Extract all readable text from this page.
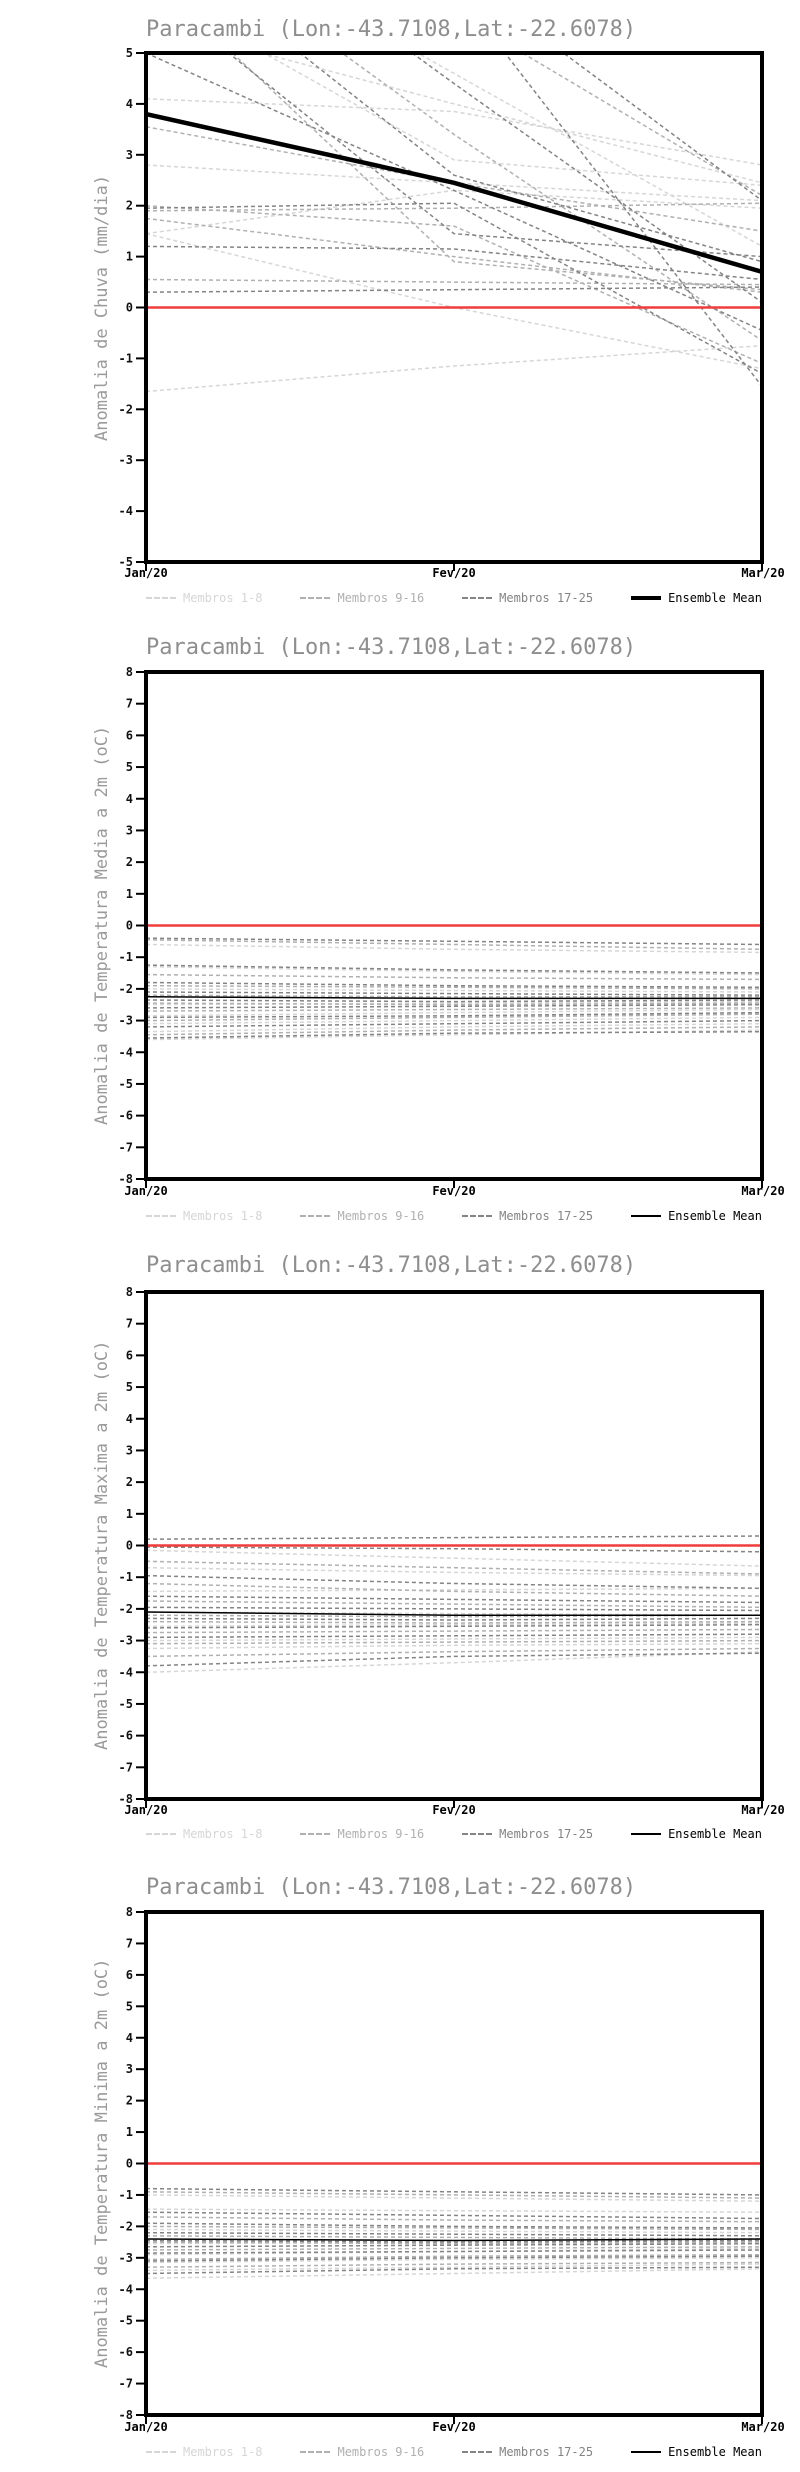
-5
-4
-3
-2
-1
0
1
2
3
4
5
Paracambi (Lon:-43.7108,Lat:-22.6078)
Anomalia de Chuva (mm/dia)
Jan/20	Fev/20	Mar/20
Membros 1-8	Membros 9-16	Membros 17-25	Ensemble Mean
-8
-7
-6
-5
-4
-3
-2
-1
0
1
2
3
4
5
6
7
8
Paracambi (Lon:-43.7108,Lat:-22.6078)
Anomalia de Temperatura Media a 2m (oC)
Jan/20	Fev/20	Mar/20
Membros 1-8	Membros 9-16	Membros 17-25	Ensemble Mean
-8
-7
-6
-5
-4
-3
-2
-1
0
1
2
3
4
5
6
7
8
Paracambi (Lon:-43.7108,Lat:-22.6078)
Anomalia de Temperatura Maxima a 2m (oC)
Jan/20	Fev/20	Mar/20
Membros 1-8	Membros 9-16	Membros 17-25	Ensemble Mean
-8
-7
-6
-5
-4
-3
-2
-1
0
1
2
3
4
5
6
7
8
Paracambi (Lon:-43.7108,Lat:-22.6078)
Anomalia de Temperatura Minima a 2m (oC)
Jan/20	Fev/20	Mar/20
Membros 1-8	Membros 9-16	Membros 17-25	Ensemble Mean
